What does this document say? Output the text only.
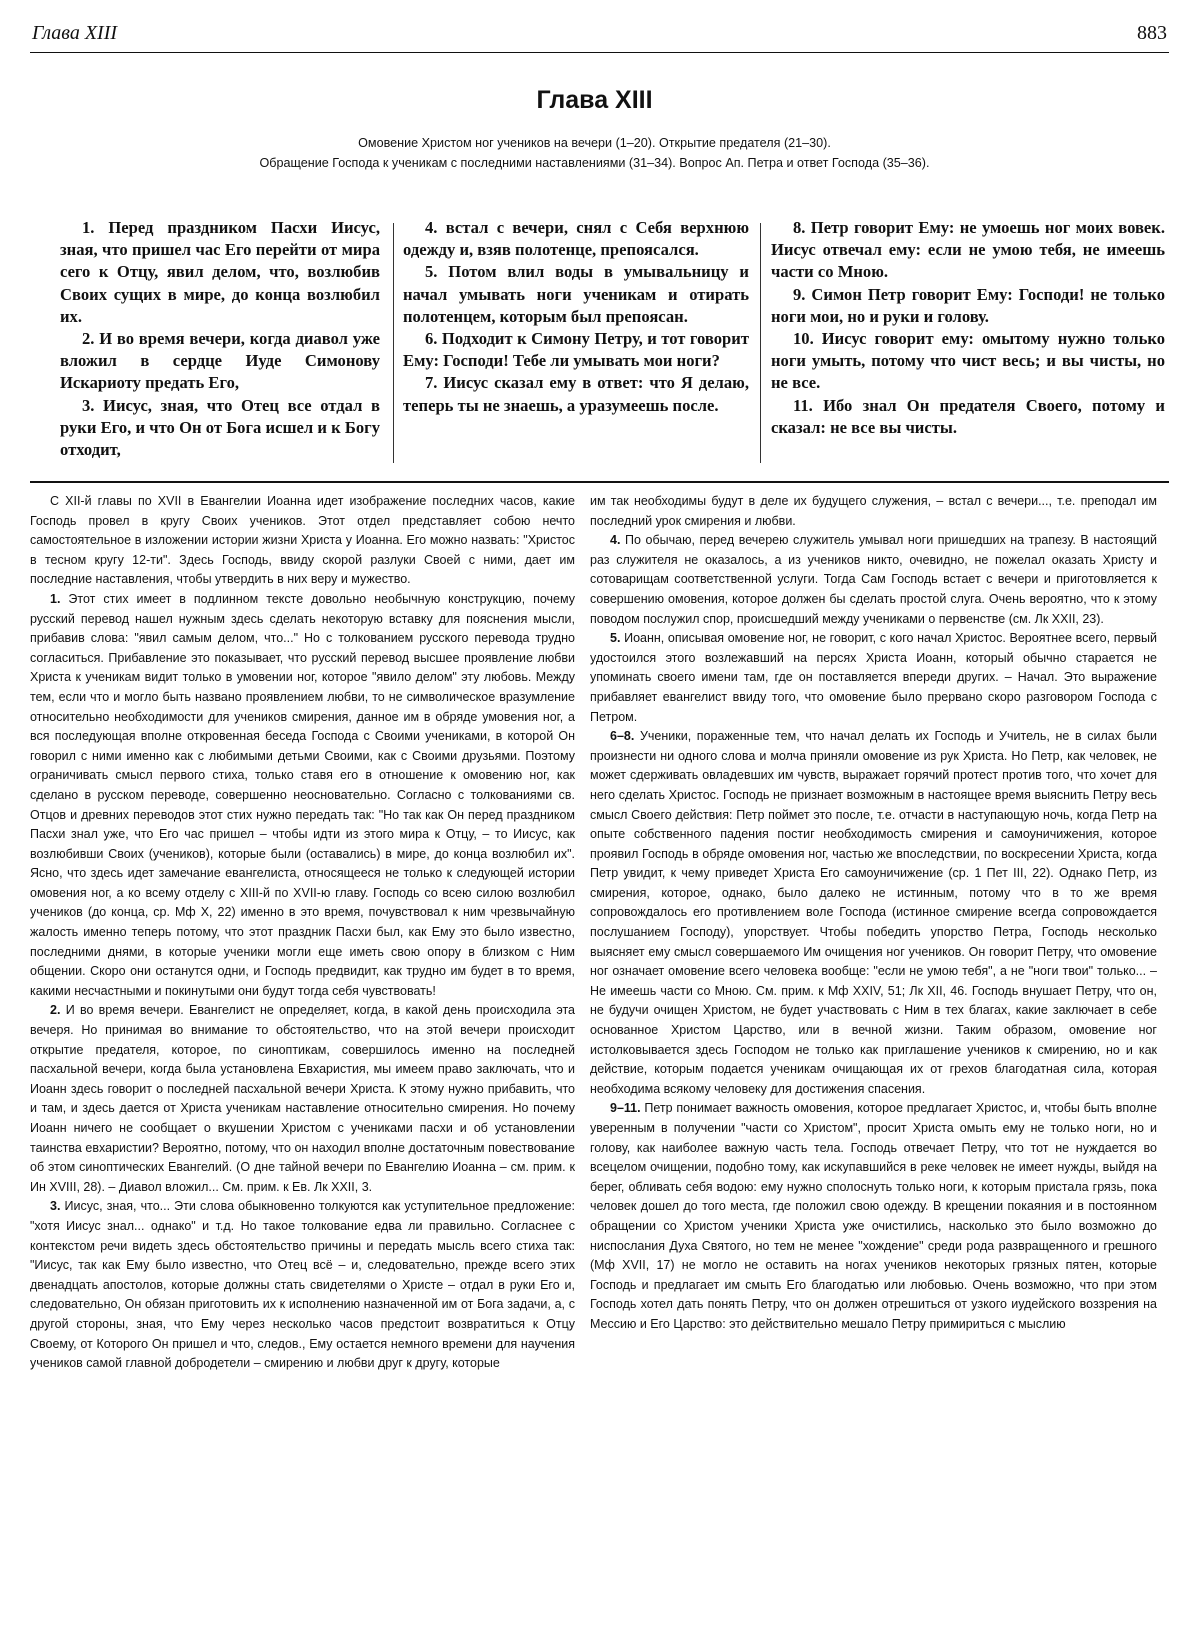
Глава XIII	883
Глава XIII
Омовение Христом ног учеников на вечери (1–20). Открытие предателя (21–30).
Обращение Господа к ученикам с последними наставлениями (31–34). Вопрос Ап. Петра и ответ Господа (35–36).

1. Перед праздником Пасхи Иисус, зная, что пришел час Его перейти от мира сего к Отцу, явил делом, что, возлюбив Своих сущих в мире, до конца возлюбил их.

2. И во время вечери, когда диавол уже вложил в сердце Иуде Симонову Искариоту предать Его,

3. Иисус, зная, что Отец все отдал в руки Его, и что Он от Бога исшел и к Богу отходит,

4. встал с вечери, снял с Себя верхнюю одежду и, взяв полотенце, препоясался.

5. Потом влил воды в умывальницу и начал умывать ноги ученикам и отирать полотенцем, которым был препоясан.

6. Подходит к Симону Петру, и тот говорит Ему: Господи! Тебе ли умывать мои ноги?

7. Иисус сказал ему в ответ: что Я делаю, теперь ты не знаешь, а уразумеешь после.

8. Петр говорит Ему: не умоешь ног моих вовек. Иисус отвечал ему: если не умою тебя, не имеешь части со Мною.

9. Симон Петр говорит Ему: Господи! не только ноги мои, но и руки и голову.

10. Иисус говорит ему: омытому нужно только ноги умыть, потому что чист весь; и вы чисты, но не все.

11. Ибо знал Он предателя Своего, потому и сказал: не все вы чисты.

С XII-й главы по XVII в Евангелии Иоанна идет изображение последних часов, какие Господь провел в кругу Своих учеников. Этот отдел представляет собою нечто самостоятельное в изложении истории жизни Христа у Иоанна. Его можно назвать: "Христос в тесном кругу 12-ти". Здесь Господь, ввиду скорой разлуки Своей с ними, дает им последние наставления, чтобы утвердить в них веру и мужество.

1. Этот стих имеет в подлинном тексте довольно необычную конструкцию, почему русский перевод нашел нужным здесь сделать некоторую вставку для пояснения мысли, прибавив слова: "явил самым делом, что..." Но с толкованием русского перевода трудно согласиться. Прибавление это показывает, что русский перевод высшее проявление любви Христа к ученикам видит только в умовении ног, которое "явило делом" эту любовь. Между тем, если что и могло быть названо проявлением любви, то не символическое вразумление относительно необходимости для учеников смирения, данное им в обряде умовения ног, а вся последующая вполне откровенная беседа Господа с Своими учениками, в которой Он говорил с ними именно как с любимыми детьми Своими, как с Своими друзьями. Поэтому ограничивать смысл первого стиха, только ставя его в отношение к омовению ног, как сделано в русском переводе, совершенно неосновательно. Согласно с толкованиями св. Отцов и древних переводов этот стих нужно передать так: "Но так как Он перед праздником Пасхи знал уже, что Его час пришел – чтобы идти из этого мира к Отцу, – то Иисус, как возлюбивши Своих (учеников), которые были (оставались) в мире, до конца возлюбил их". Ясно, что здесь идет замечание евангелиста, относящееся не только к следующей истории омовения ног, а ко всему отделу с XIII-й по XVII-ю главу. Господь со всею силою возлюбил учеников (до конца, ср. Мф X, 22) именно в это время, почувствовал к ним чрезвычайную жалость именно теперь потому, что этот праздник Пасхи был, как Ему это было известно, последними днями, в которые ученики могли еще иметь свою опору в близком с Ним общении. Скоро они останутся одни, и Господь предвидит, как трудно им будет в то время, какими несчастными и покинутыми они будут тогда себя чувствовать!

2. И во время вечери. Евангелист не определяет, когда, в какой день происходила эта вечеря. Но принимая во внимание то обстоятельство, что на этой вечери происходит открытие предателя, которое, по синоптикам, совершилось именно на последней пасхальной вечери, когда была установлена Евхаристия, мы имеем право заключать, что и Иоанн здесь говорит о последней пасхальной вечери Христа. К этому нужно прибавить, что и там, и здесь дается от Христа ученикам наставление относительно смирения. Но почему Иоанн ничего не сообщает о вкушении Христом с учениками пасхи и об установлении таинства евхаристии? Вероятно, потому, что он находил вполне достаточным повествование об этом синоптических Евангелий. (О дне тайной вечери по Евангелию Иоанна – см. прим. к Ин XVIII, 28). – Диавол вложил... См. прим. к Ев. Лк XXII, 3.

3. Иисус, зная, что... Эти слова обыкновенно толкуются как уступительное предложение: "хотя Иисус знал... однако" и т.д. Но такое толкование едва ли правильно. Согласнее с контекстом речи видеть здесь обстоятельство причины и передать мысль всего стиха так: "Иисус, так как Ему было известно, что Отец всё – и, следовательно, прежде всего этих двенадцать апостолов, которые должны стать свидетелями о Христе – отдал в руки Его и, следовательно, Он обязан приготовить их к исполнению назначенной им от Бога задачи, а, с другой стороны, зная, что Ему через несколько часов предстоит возвратиться к Отцу Своему, от Которого Он пришел и что, следов., Ему остается немного времени для научения учеников самой главной добродетели – смирению и любви друг к другу, которые

им так необходимы будут в деле их будущего служения, – встал с вечери..., т.е. преподал им последний урок смирения и любви.

4. По обычаю, перед вечерею служитель умывал ноги пришедших на трапезу. В настоящий раз служителя не оказалось, а из учеников никто, очевидно, не пожелал оказать Христу и сотоварищам соответственной услуги. Тогда Сам Господь встает с вечери и приготовляется к совершению омовения, которое должен бы сделать простой слуга. Очень вероятно, что к этому поводом послужил спор, происшедший между учениками о первенстве (см. Лк XXII, 23).

5. Иоанн, описывая омовение ног, не говорит, с кого начал Христос. Вероятнее всего, первый удостоился этого возлежавший на персях Христа Иоанн, который обычно старается не упоминать своего имени там, где он поставляется впереди других. – Начал. Это выражение прибавляет евангелист ввиду того, что омовение было прервано скоро разговором Господа с Петром.

6–8. Ученики, пораженные тем, что начал делать их Господь и Учитель, не в силах были произнести ни одного слова и молча приняли омовение из рук Христа. Но Петр, как человек, не может сдерживать овладевших им чувств, выражает горячий протест против того, что хочет для него сделать Христос. Господь не признает возможным в настоящее время выяснить Петру весь смысл Своего действия: Петр поймет это после, т.е. отчасти в наступающую ночь, когда Петр на опыте собственного падения постиг необходимость смирения и самоуничижения, которое проявил Господь в обряде омовения ног, частью же впоследствии, по воскресении Христа, когда Петр увидит, к чему приведет Христа Его самоуничижение (ср. 1 Пет III, 22). Однако Петр, из смирения, которое, однако, было далеко не истинным, потому что в то же время сопровождалось его противлением воле Господа (истинное смирение всегда сопровождается послушанием Господу), упорствует. Чтобы победить упорство Петра, Господь несколько выясняет ему смысл совершаемого Им очищения ног учеников. Он говорит Петру, что омовение ног означает омовение всего человека вообще: "если не умою тебя", а не "ноги твои" только... – Не имеешь части со Мною. См. прим. к Мф XXIV, 51; Лк XII, 46. Господь внушает Петру, что он, не будучи очищен Христом, не будет участвовать с Ним в тех благах, какие заключает в себе основанное Христом Царство, или в вечной жизни. Таким образом, омовение ног истолковывается здесь Господом не только как приглашение учеников к смирению, но и как действие, которым подается ученикам очищающая их от грехов благодатная сила, которая необходима всякому человеку для достижения спасения.

9–11. Петр понимает важность омовения, которое предлагает Христос, и, чтобы быть вполне уверенным в получении "части со Христом", просит Христа омыть ему не только ноги, но и голову, как наиболее важную часть тела. Господь отвечает Петру, что тот не нуждается во всецелом очищении, подобно тому, как искупавшийся в реке человек не имеет нужды, выйдя на берег, обливать себя водою: ему нужно сполоснуть только ноги, к которым пристала грязь, пока человек дошел до того места, где положил свою одежду. В крещении покаяния и в постоянном обращении со Христом ученики Христа уже очистились, насколько это было возможно до ниспослания Духа Святого, но тем не менее "хождение" среди рода развращенного и грешного (Мф XVII, 17) не могло не оставить на ногах учеников некоторых грязных пятен, которые Господь и предлагает им смыть Его благодатью или любовью. Очень возможно, что при этом Господь хотел дать понять Петру, что он должен отрешиться от узкого иудейского воззрения на Мессию и Его Царство: это действительно мешало Петру примириться с мыслию
